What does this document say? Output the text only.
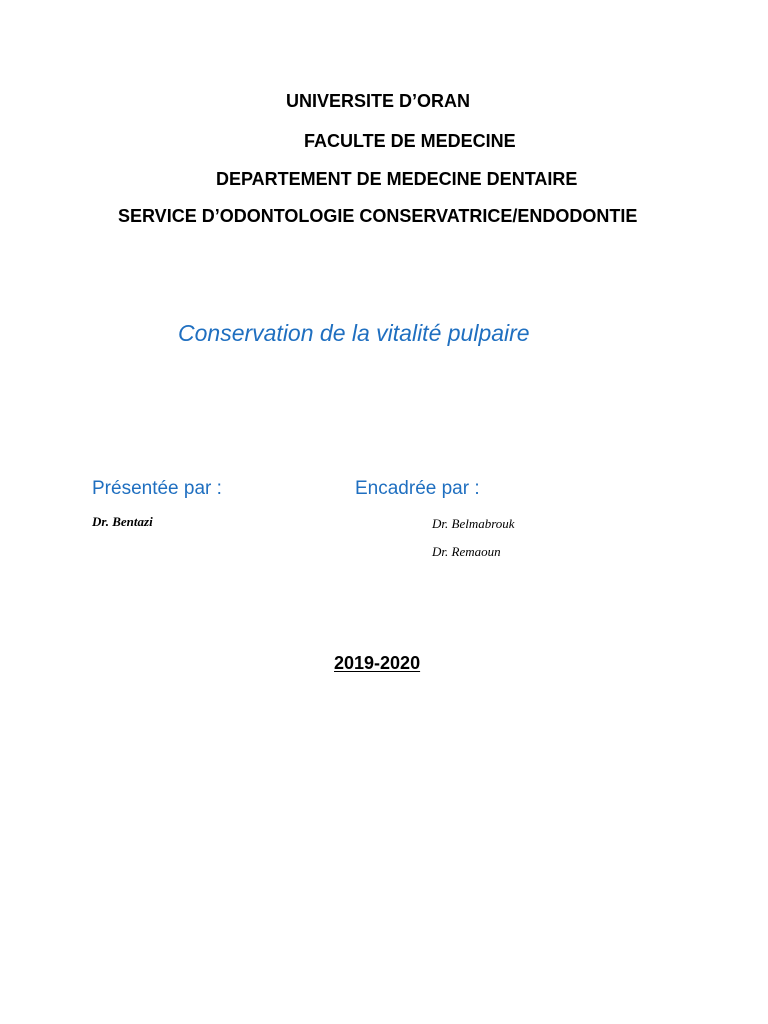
UNIVERSITE D’ORAN
FACULTE DE MEDECINE
DEPARTEMENT DE MEDECINE DENTAIRE
SERVICE D’ODONTOLOGIE CONSERVATRICE/ENDODONTIE
Conservation de la vitalité pulpaire
Présentée par :	Encadrée par :
Dr. Bentazi	Dr. Belmabrouk
Dr. Remaoun
2019-2020
